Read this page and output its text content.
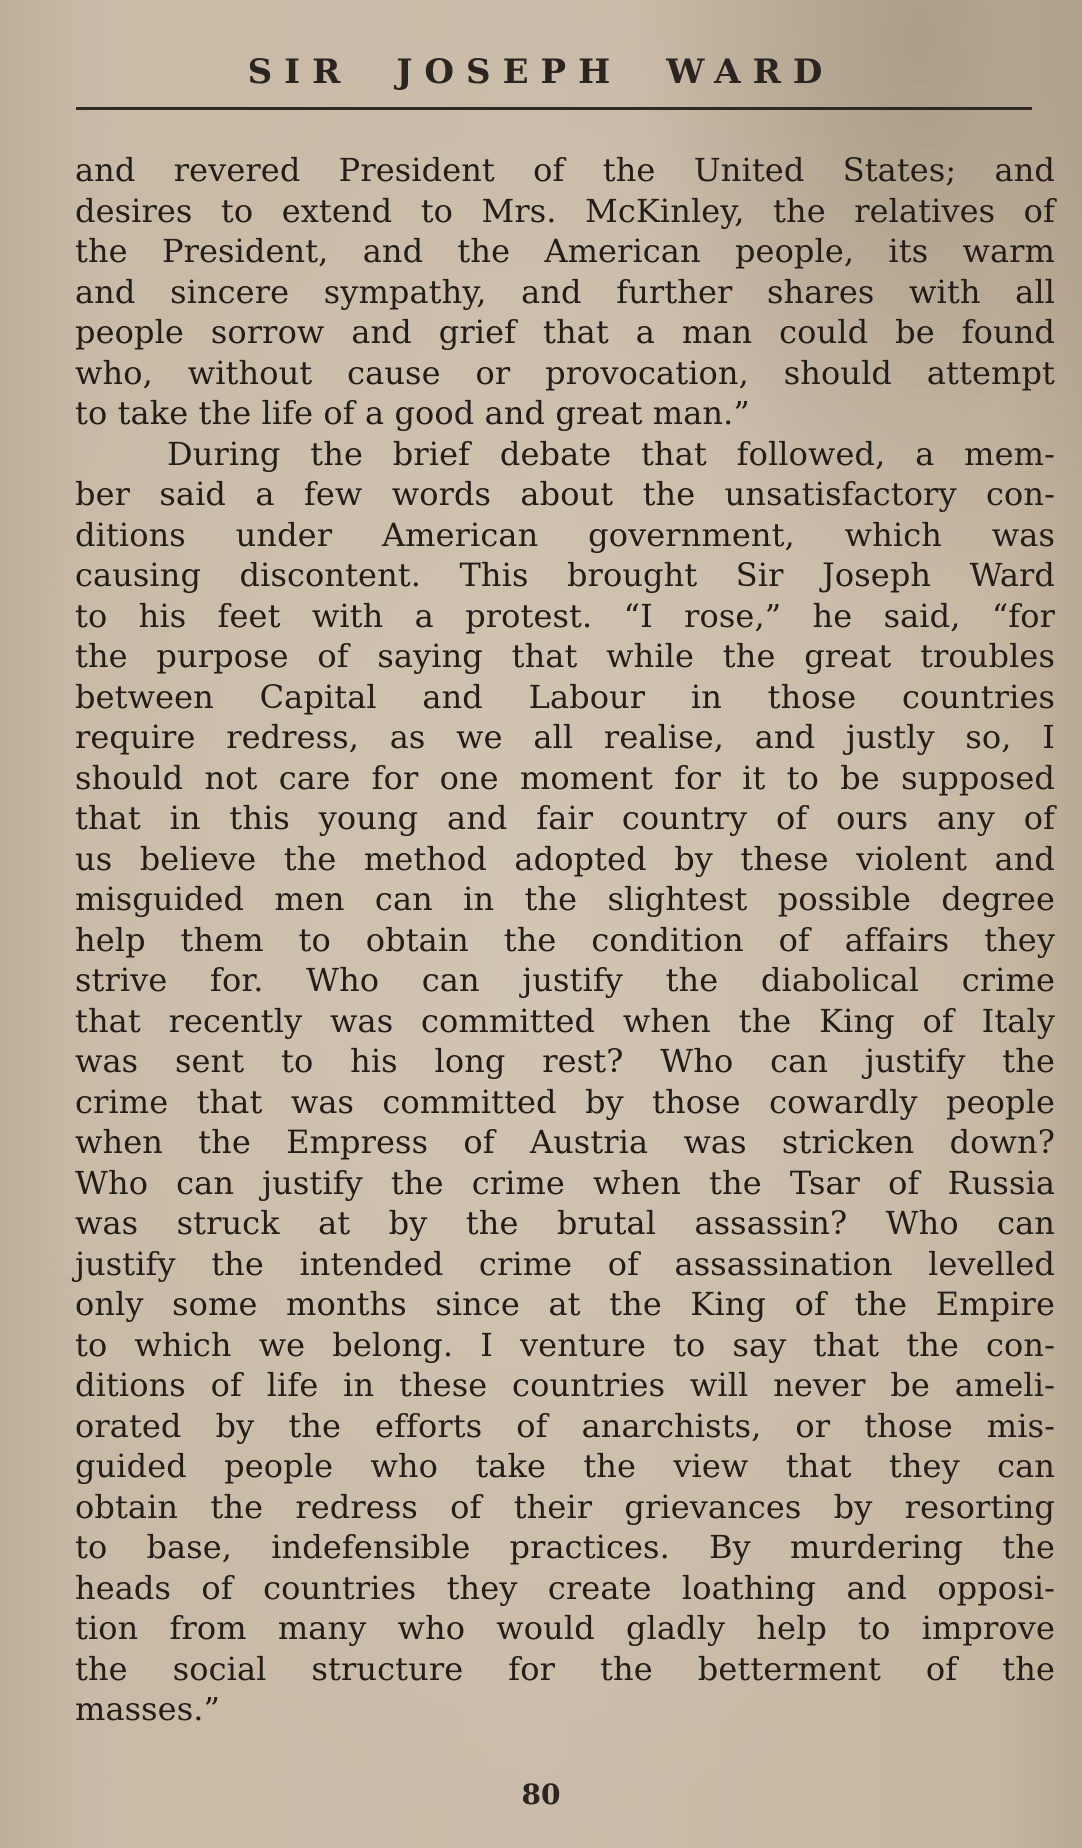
SIR JOSEPH WARD
and revered President of the United States; and
desires to extend to Mrs. McKinley, the relatives of
the President, and the American people, its warm
and sincere sympathy, and further shares with all
people sorrow and grief that a man could be found
who, without cause or provocation, should attempt
to take the life of a good and great man.”
During the brief debate that followed, a mem-
ber said a few words about the unsatisfactory con-
ditions under American government, which was
causing discontent. This brought Sir Joseph Ward
to his feet with a protest. “I rose,” he said, “for
the purpose of saying that while the great troubles
between Capital and Labour in those countries
require redress, as we all realise, and justly so, I
should not care for one moment for it to be supposed
that in this young and fair country of ours any of
us believe the method adopted by these violent and
misguided men can in the slightest possible degree
help them to obtain the condition of affairs they
strive for. Who can justify the diabolical crime
that recently was committed when the King of Italy
was sent to his long rest? Who can justify the
crime that was committed by those cowardly people
when the Empress of Austria was stricken down?
Who can justify the crime when the Tsar of Russia
was struck at by the brutal assassin? Who can
justify the intended crime of assassination levelled
only some months since at the King of the Empire
to which we belong. I venture to say that the con-
ditions of life in these countries will never be ameli-
orated by the efforts of anarchists, or those mis-
guided people who take the view that they can
obtain the redress of their grievances by resorting
to base, indefensible practices. By murdering the
heads of countries they create loathing and opposi-
tion from many who would gladly help to improve
the social structure for the betterment of the
masses.”
80
